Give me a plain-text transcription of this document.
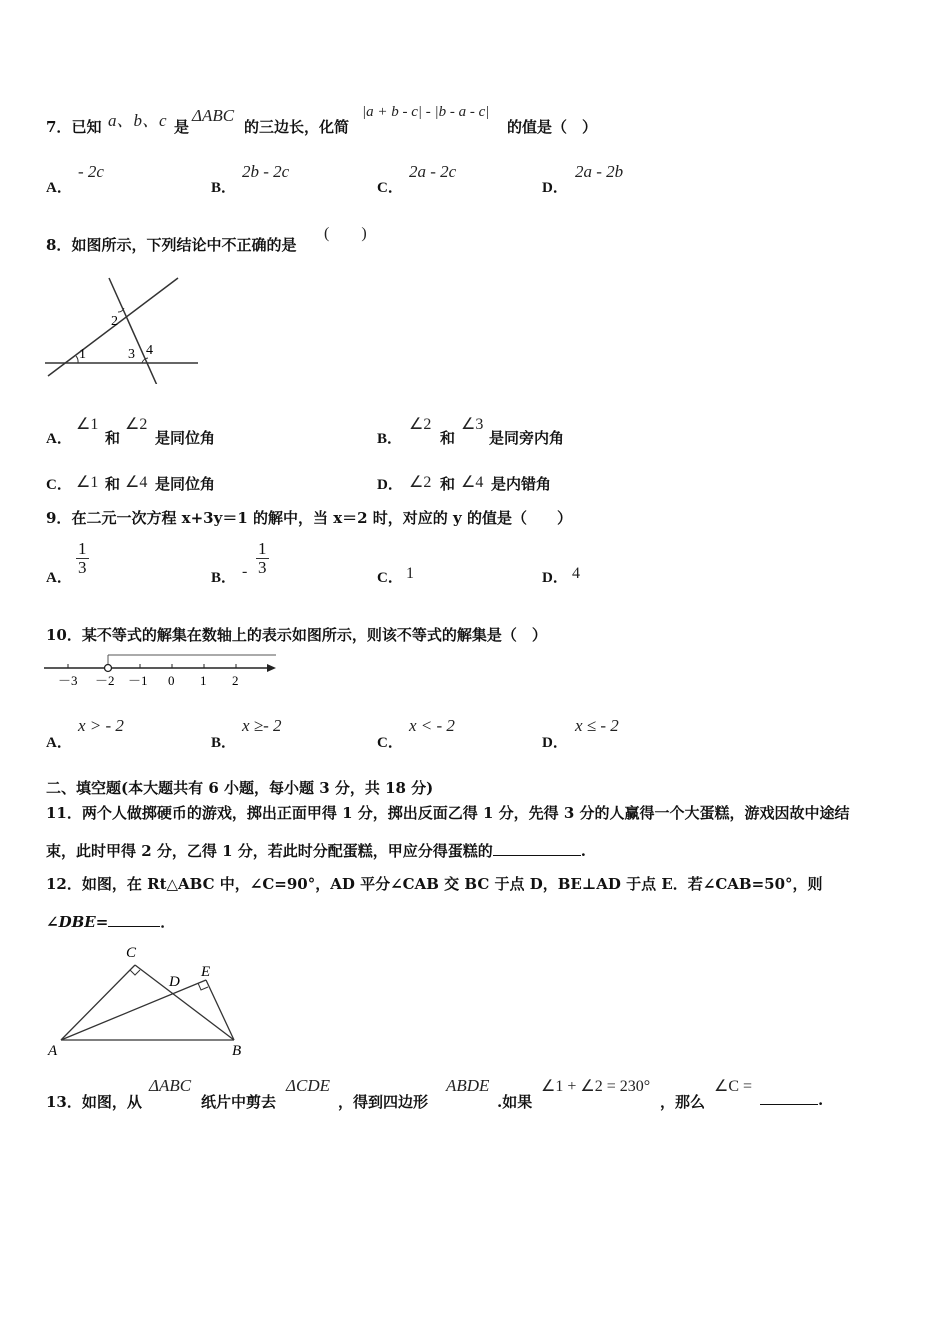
7．已知 a、b、c 是
ΔABC
的三边长，化简
|a + b - c| - |b - a - c|
的值是（　）
A．
- 2c
B．
2b - 2c
C．
2a - 2c
D．
2a - 2b
8．如图所示，下列结论中不正确的是
(　　)
1
2
3 4
A．
∠1
和
∠2
是同位角	B．
∠2
和
∠3
是同旁内角
C． ∠1 和 ∠4 是同位角	D． ∠2 和 ∠4 是内错角
9．在二元一次方程 x+3y＝1 的解中，当 x＝2 时，对应的 y 的值是（　　）
A．
$\frac{1}{3}$
B． - $\frac{1}{3}$
C． 1	D． 4
10．某不等式的解集在数轴上的表示如图所示，则该不等式的解集是（　）
－3 －2 －1 0 1 2
A．
x > - 2
B．
x ≥- 2
C．
x < - 2
D．
x ≤ - 2
二、填空题(本大题共有 6 小题，每小题 3 分，共 18 分)
11．两个人做掷硬币的游戏，掷出正面甲得 1 分，掷出反面乙得 1 分，先得 3 分的人赢得一个大蛋糕，游戏因故中途结
束，此时甲得 2 分，乙得 1 分，若此时分配蛋糕，甲应分得蛋糕的	.
12．如图，在 Rt△ABC 中，∠C=90°，AD 平分∠CAB 交 BC 于点 D，BE⊥AD 于点 E．若∠CAB=50°，则
∠DBE=	．
C
D
E
A	B
13．如图，从
ΔABC
纸片中剪去
ΔCDE
，得到四边形
ABDE
.如果
∠1 + ∠2 = 230°
，那么
∠C =
.
